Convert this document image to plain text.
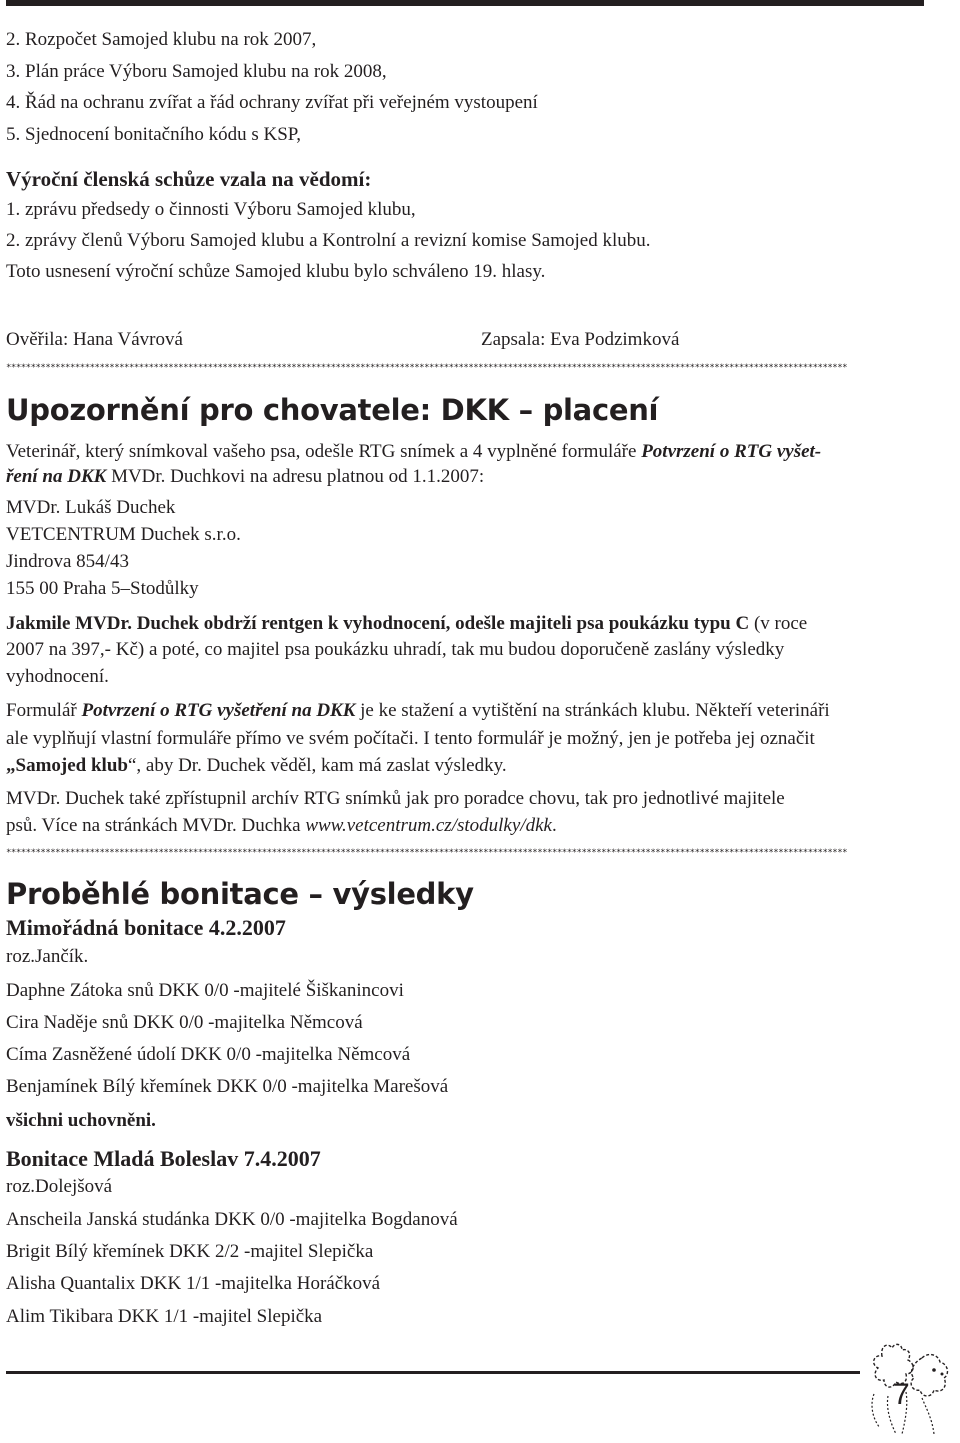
2. Rozpočet Samojed klubu na rok 2007,
3. Plán práce Výboru Samojed klubu na rok 2008,
4. Řád na ochranu zvířat a řád ochrany zvířat při veřejném vystoupení
5. Sjednocení bonitačního kódu s KSP,
Výroční členská schůze vzala na vědomí:
1. zprávu předsedy o činnosti Výboru Samojed klubu,
2. zprávy členů Výboru Samojed klubu a Kontrolní a revizní komise Samojed klubu.
Toto usnesení výroční schůze Samojed klubu bylo schváleno 19. hlasy.
Ověřila: Hana Vávrová	Zapsala: Eva Podzimková
***************************************************************************************************************************************************************************
Upozornění pro chovatele: DKK – placení
Veterinář, který snímkoval vašeho psa, odešle RTG snímek a 4 vyplněné formuláře Potvrzení o RTG vyšet-
ření na DKK MVDr. Duchkovi na adresu platnou od 1.1.2007:
MVDr. Lukáš Duchek
VETCENTRUM Duchek s.r.o.
Jindrova 854/43
155 00 Praha 5–Stodůlky
Jakmile MVDr. Duchek obdrží rentgen k vyhodnocení, odešle majiteli psa poukázku typu C (v roce
2007 na 397,- Kč) a poté, co majitel psa poukázku uhradí, tak mu budou doporučeně zaslány výsledky
vyhodnocení.
Formulář Potvrzení o RTG vyšetření na DKK je ke stažení a vytištění na stránkách klubu. Někteří veterináři
ale vyplňují vlastní formuláře přímo ve svém počítači. I tento formulář je možný, jen je potřeba jej označit
„Samojed klub“, aby Dr. Duchek věděl, kam má zaslat výsledky.
MVDr. Duchek také zpřístupnil archív RTG snímků jak pro poradce chovu, tak pro jednotlivé majitele
psů. Více na stránkách MVDr. Duchka www.vetcentrum.cz/stodulky/dkk.
***************************************************************************************************************************************************************************
Proběhlé bonitace – výsledky
Mimořádná bonitace 4.2.2007
roz.Jančík.
Daphne Zátoka snů DKK 0/0 -majitelé Šiškanincovi
Cira Naděje snů DKK 0/0 -majitelka Němcová
Címa Zasněžené údolí DKK 0/0 -majitelka Němcová
Benjamínek Bílý křemínek DKK 0/0 -majitelka Marešová
všichni uchovněni.
Bonitace Mladá Boleslav 7.4.2007
roz.Dolejšová
Anscheila Janská studánka DKK 0/0 -majitelka Bogdanová
Brigit Bílý křemínek DKK 2/2 -majitel Slepička
Alisha Quantalix DKK 1/1 -majitelka Horáčková
Alim Tikibara DKK 1/1 -majitel Slepička
7
